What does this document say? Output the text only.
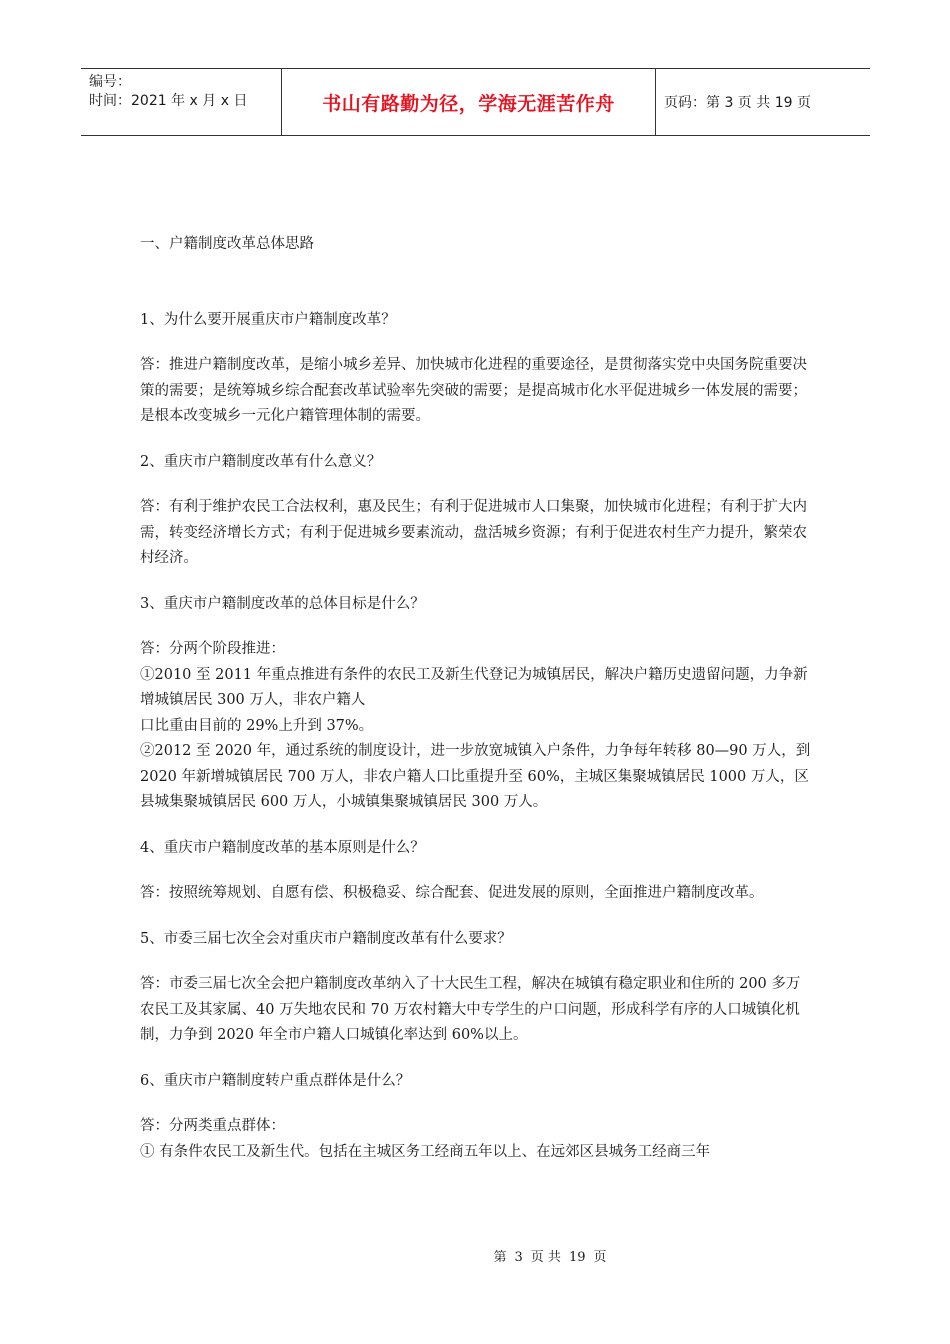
编号：
时间：2021 年 x 月 x 日	书山有路勤为径，学海无涯苦作舟	页码：第 3 页 共 19 页

一、户籍制度改革总体思路

1、为什么要开展重庆市户籍制度改革？

答：推进户籍制度改革，是缩小城乡差异、加快城市化进程的重要途径，是贯彻落实党中央国务院重要决策的需要；是统筹城乡综合配套改革试验率先突破的需要；是提高城市化水平促进城乡一体发展的需要；是根本改变城乡一元化户籍管理体制的需要。

2、重庆市户籍制度改革有什么意义？

答：有利于维护农民工合法权利，惠及民生；有利于促进城市人口集聚，加快城市化进程；有利于扩大内需，转变经济增长方式；有利于促进城乡要素流动，盘活城乡资源；有利于促进农村生产力提升，繁荣农村经济。

3、重庆市户籍制度改革的总体目标是什么？

答：分两个阶段推进：

①2010 至 2011 年重点推进有条件的农民工及新生代登记为城镇居民，解决户籍历史遗留问题，力争新增城镇居民 300 万人，非农户籍人

口比重由目前的 29%上升到 37%。

②2012 至 2020 年，通过系统的制度设计，进一步放宽城镇入户条件，力争每年转移 80—90 万人，到 2020 年新增城镇居民 700 万人，非农户籍人口比重提升至 60%，主城区集聚城镇居民 1000 万人，区县城集聚城镇居民 600 万人，小城镇集聚城镇居民 300 万人。

4、重庆市户籍制度改革的基本原则是什么？

答：按照统筹规划、自愿有偿、积极稳妥、综合配套、促进发展的原则，全面推进户籍制度改革。

5、市委三届七次全会对重庆市户籍制度改革有什么要求？

答：市委三届七次全会把户籍制度改革纳入了十大民生工程，解决在城镇有稳定职业和住所的 200 多万农民工及其家属、40 万失地农民和 70 万农村籍大中专学生的户口问题，形成科学有序的人口城镇化机制，力争到 2020 年全市户籍人口城镇化率达到 60%以上。

6、重庆市户籍制度转户重点群体是什么？

答：分两类重点群体：

① 有条件农民工及新生代。包括在主城区务工经商五年以上、在远郊区县城务工经商三年

第 3 页 共 19 页
